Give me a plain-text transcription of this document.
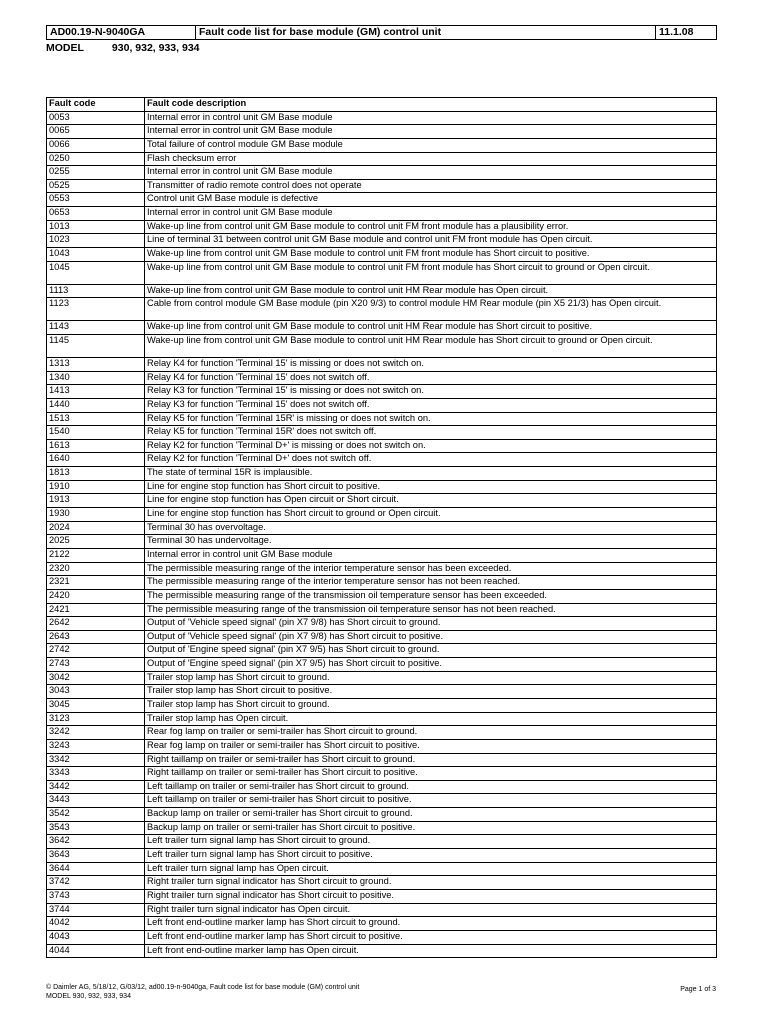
AD00.19-N-9040GA	Fault code list for base module (GM) control unit	11.1.08
MODEL	930, 932, 933, 934
Fault code	Fault code description
0053	Internal error in control unit GM Base module
0065	Internal error in control unit GM Base module
0066	Total failure of control module GM Base module
0250	Flash checksum error
0255	Internal error in control unit GM Base module
0525	Transmitter of radio remote control does not operate
0553	Control unit GM Base module is defective
0653	Internal error in control unit GM Base module
1013	Wake-up line from control unit GM Base module to control unit FM front module has a plausibility error.
1023	Line of terminal 31 between control unit GM Base module and control unit FM front module has Open circuit.
1043	Wake-up line from control unit GM Base module to control unit FM front module has Short circuit to positive.
1045	Wake-up line from control unit GM Base module to control unit FM front module has Short circuit to ground or Open circuit.
1113	Wake-up line from control unit GM Base module to control unit HM Rear module has Open circuit.
1123	Cable from control module GM Base module (pin X20 9/3) to control module HM Rear module (pin X5 21/3) has Open circuit.
1143	Wake-up line from control unit GM Base module to control unit HM Rear module has Short circuit to positive.
1145	Wake-up line from control unit GM Base module to control unit HM Rear module has Short circuit to ground or Open circuit.
1313	Relay K4 for function 'Terminal 15' is missing or does not switch on.
1340	Relay K4 for function 'Terminal 15' does not switch off.
1413	Relay K3 for function 'Terminal 15' is missing or does not switch on.
1440	Relay K3 for function 'Terminal 15' does not switch off.
1513	Relay K5 for function 'Terminal 15R' is missing or does not switch on.
1540	Relay K5 for function 'Terminal 15R' does not switch off.
1613	Relay K2 for function 'Terminal D+' is missing or does not switch on.
1640	Relay K2 for function 'Terminal D+' does not switch off.
1813	The state of terminal 15R is implausible.
1910	Line for engine stop function has Short circuit to positive.
1913	Line for engine stop function has Open circuit or Short circuit.
1930	Line for engine stop function has Short circuit to ground or Open circuit.
2024	Terminal 30 has overvoltage.
2025	Terminal 30 has undervoltage.
2122	Internal error in control unit GM Base module
2320	The permissible measuring range of the interior temperature sensor has been exceeded.
2321	The permissible measuring range of the interior temperature sensor has not been reached.
2420	The permissible measuring range of the transmission oil temperature sensor has been exceeded.
2421	The permissible measuring range of the transmission oil temperature sensor has not been reached.
2642	Output of 'Vehicle speed signal' (pin X7 9/8) has Short circuit to ground.
2643	Output of 'Vehicle speed signal' (pin X7 9/8) has Short circuit to positive.
2742	Output of 'Engine speed signal' (pin X7 9/5) has Short circuit to ground.
2743	Output of 'Engine speed signal' (pin X7 9/5) has Short circuit to positive.
3042	Trailer stop lamp has Short circuit to ground.
3043	Trailer stop lamp has Short circuit to positive.
3045	Trailer stop lamp has Short circuit to ground.
3123	Trailer stop lamp has Open circuit.
3242	Rear fog lamp on trailer or semi-trailer has Short circuit to ground.
3243	Rear fog lamp on trailer or semi-trailer has Short circuit to positive.
3342	Right taillamp on trailer or semi-trailer has Short circuit to ground.
3343	Right taillamp on trailer or semi-trailer has Short circuit to positive.
3442	Left taillamp on trailer or semi-trailer has Short circuit to ground.
3443	Left taillamp on trailer or semi-trailer has Short circuit to positive.
3542	Backup lamp on trailer or semi-trailer has Short circuit to ground.
3543	Backup lamp on trailer or semi-trailer has Short circuit to positive.
3642	Left trailer turn signal lamp has Short circuit to ground.
3643	Left trailer turn signal lamp has Short circuit to positive.
3644	Left trailer turn signal lamp has Open circuit.
3742	Right trailer turn signal indicator has Short circuit to ground.
3743	Right trailer turn signal indicator has Short circuit to positive.
3744	Right trailer turn signal indicator has Open circuit.
4042	Left front end-outline marker lamp has Short circuit to ground.
4043	Left front end-outline marker lamp has Short circuit to positive.
4044	Left front end-outline marker lamp has Open circuit.
© Daimler AG, 5/18/12, G/03/12, ad00.19-n-9040ga, Fault code list for base module (GM) control unit
MODEL 930, 932, 933, 934
Page 1 of 3
